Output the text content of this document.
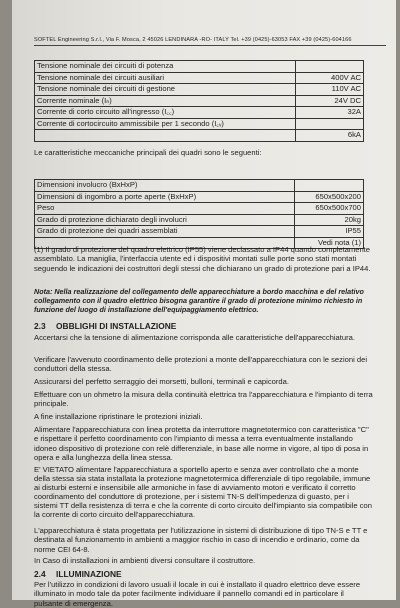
SOFTEL Engineering S.r.l., Via F. Mosca, 2 45026 LENDINARA -RO- ITALY Tel. +39 (0425)-63053 FAX +39 (0425)-604166
Tensione nominale dei circuiti di potenza	
Tensione nominale dei circuiti ausiliari	400V AC
Tensione nominale dei circuiti di gestione	110V AC
Corrente nominale (Iₙ)	24V DC
Corrente di corto circuito all'ingresso (I꜀꜀)	32A
Corrente di cortocircuito ammissibile per 1 secondo (I꜀ᵥ)	
	6kA
Le caratteristiche meccaniche principali dei quadri sono le seguenti:
Dimensioni involucro (BxHxP)	
Dimensioni di ingombro a porte aperte (BxHxP)	650x500x200
Peso	650x500x700
Grado di protezione dichiarato degli involucri	20kg
Grado di protezione dei quadri assemblati	IP55
	Vedi nota (1)
(1) Il grado di protezione del quadro elettrico (IP55) viene declassato a IP44 quando completamente assemblato. La maniglia, l'interfaccia utente ed i dispositivi montati sulle porte sono stati montati seguendo le indicazioni dei costruttori degli stessi che dichiarano un grado di protezione pari a IP44.
Nota: Nella realizzazione del collegamento delle apparecchiature a bordo macchina e del relativo collegamento con il quadro elettrico bisogna garantire il grado di protezione minimo richiesto in funzione del luogo di installazione dell'equipaggiamento elettrico.
2.3 OBBLIGHI DI INSTALLAZIONE
Accertarsi che la tensione di alimentazione corrisponda alle caratteristiche dell'apparecchiatura.
Verificare l'avvenuto coordinamento delle protezioni a monte dell'apparecchiatura con le sezioni dei conduttori della stessa.
Assicurarsi del perfetto serraggio dei morsetti, bulloni, terminali e capicorda.
Effettuare con un ohmetro la misura della continuità elettrica tra l'apparecchiatura e l'impianto di terra principale.
A fine installazione ripristinare le protezioni iniziali.
Alimentare l'apparecchiatura con linea protetta da interruttore magnetotermico con caratteristica "C" e rispettare il perfetto coordinamento con l'impianto di messa a terra eventualmente installando idoneo dispositivo di protezione con relè differenziale, in base alle norme in vigore, al tipo di posa in opera e alla lunghezza della linea stessa.
E' VIETATO alimentare l'apparecchiatura a sportello aperto e senza aver controllato che a monte della stessa sia stata installata la protezione magnetotermica differenziale di tipo regolabile, immune ai disturbi esterni e insensibile alle armoniche in fase di avviamento motori e verificato il corretto coordinamento del conduttore di protezione, per i sistemi TN-S dell'impedenza di guasto, per i sistemi TT della resistenza di terra e che la corrente di corto circuito dell'impianto sia compatibile con la corrente di corto circuito dell'apparecchiatura.
L'apparecchiatura è stata progettata per l'utilizzazione in sistemi di distribuzione di tipo TN-S e TT e destinata al funzionamento in ambienti a maggior rischio in caso di incendio e ordinario, come da norme CEI 64-8.
In Caso di installazioni in ambienti diversi consultare il costruttore.
2.4 ILLUMINAZIONE
Per l'utilizzo in condizioni di lavoro usuali il locale in cui è installato il quadro elettrico deve essere illuminato in modo tale da poter facilmente individuare il pannello comandi ed in particolare il pulsante di emergenza.
